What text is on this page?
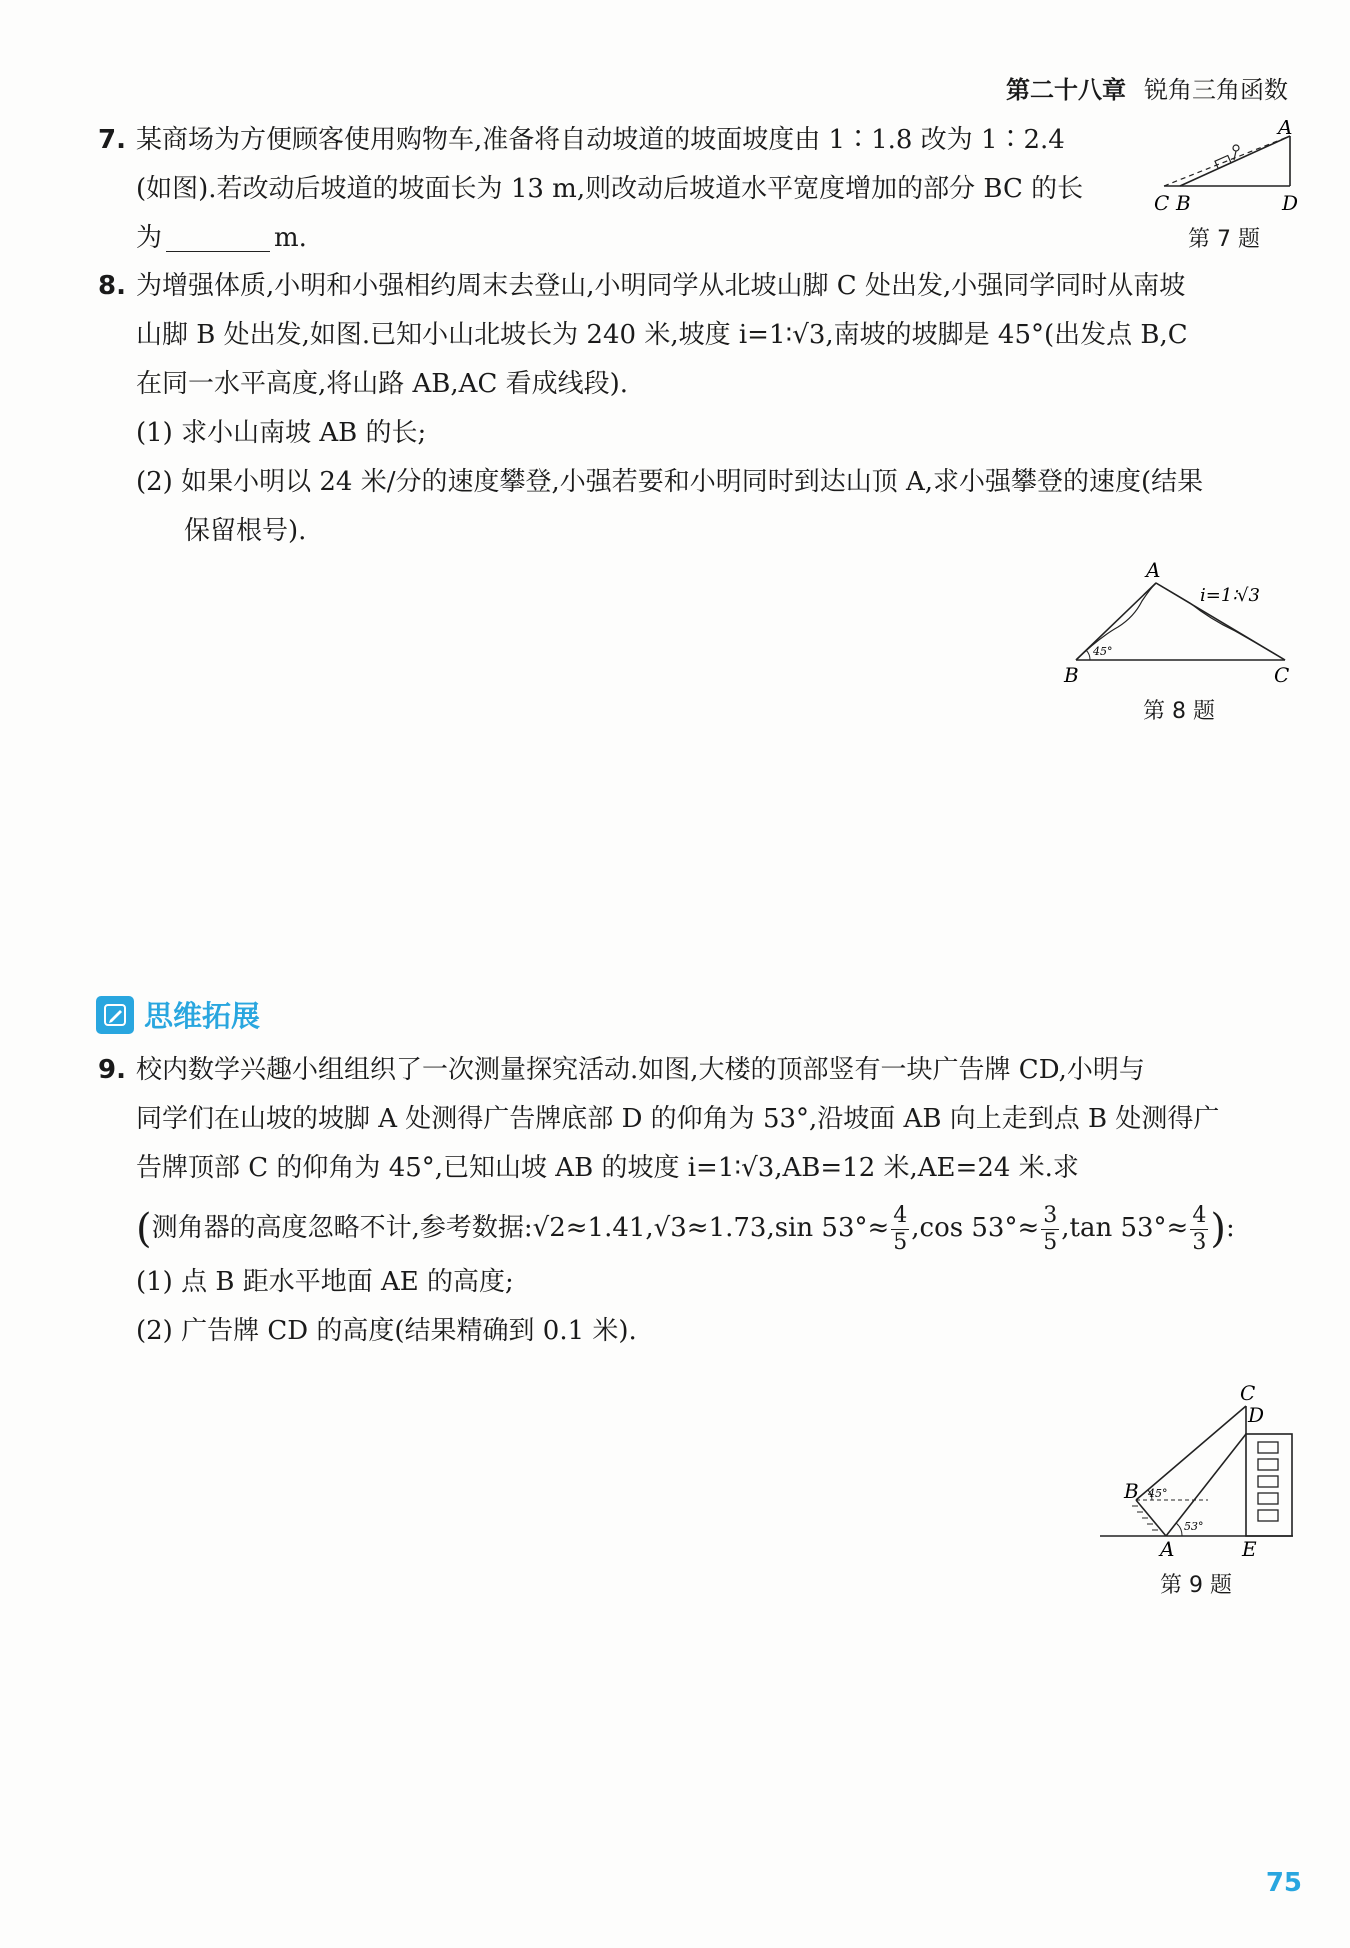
第二十八章 锐角三角函数
7. 某商场为方便顾客使用购物车,准备将自动坡道的坡面坡度由 1∶1.8 改为 1∶2.4
(如图).若改动后坡道的坡面长为 13 m,则改动后坡道水平宽度增加的部分 BC 的长
为	m.
A
C B	D
第 7 题
8. 为增强体质,小明和小强相约周末去登山,小明同学从北坡山脚 C 处出发,小强同学同时从南坡
山脚 B 处出发,如图.已知小山北坡长为 240 米,坡度 i=1∶√3,南坡的坡脚是 45°(出发点 B,C
在同一水平高度,将山路 AB,AC 看成线段).
(1) 求小山南坡 AB 的长;
(2) 如果小明以 24 米/分的速度攀登,小强若要和小明同时到达山顶 A,求小强攀登的速度(结果
保留根号).
45°
A
B	C
i=1∶√3
第 8 题
思维拓展
9. 校内数学兴趣小组组织了一次测量探究活动.如图,大楼的顶部竖有一块广告牌 CD,小明与
同学们在山坡的坡脚 A 处测得广告牌底部 D 的仰角为 53°,沿坡面 AB 向上走到点 B 处测得广
告牌顶部 C 的仰角为 45°,已知山坡 AB 的坡度 i=1∶√3,AB=12 米,AE=24 米.求
(测角器的高度忽略不计,参考数据:√2≈1.41,√3≈1.73,sin $53^\circ\approx \frac{4}{5} ,\cos$ $53^\circ\approx \frac{3}{5} ,\tan$ $53^\circ\approx \frac{4}{3}$ ):
(1) 点 B 距水平地面 AE 的高度;
(2) 广告牌 CD 的高度(结果精确到 0.1 米).
45°
53°
C
D
B
A	E
第 9 题
75
